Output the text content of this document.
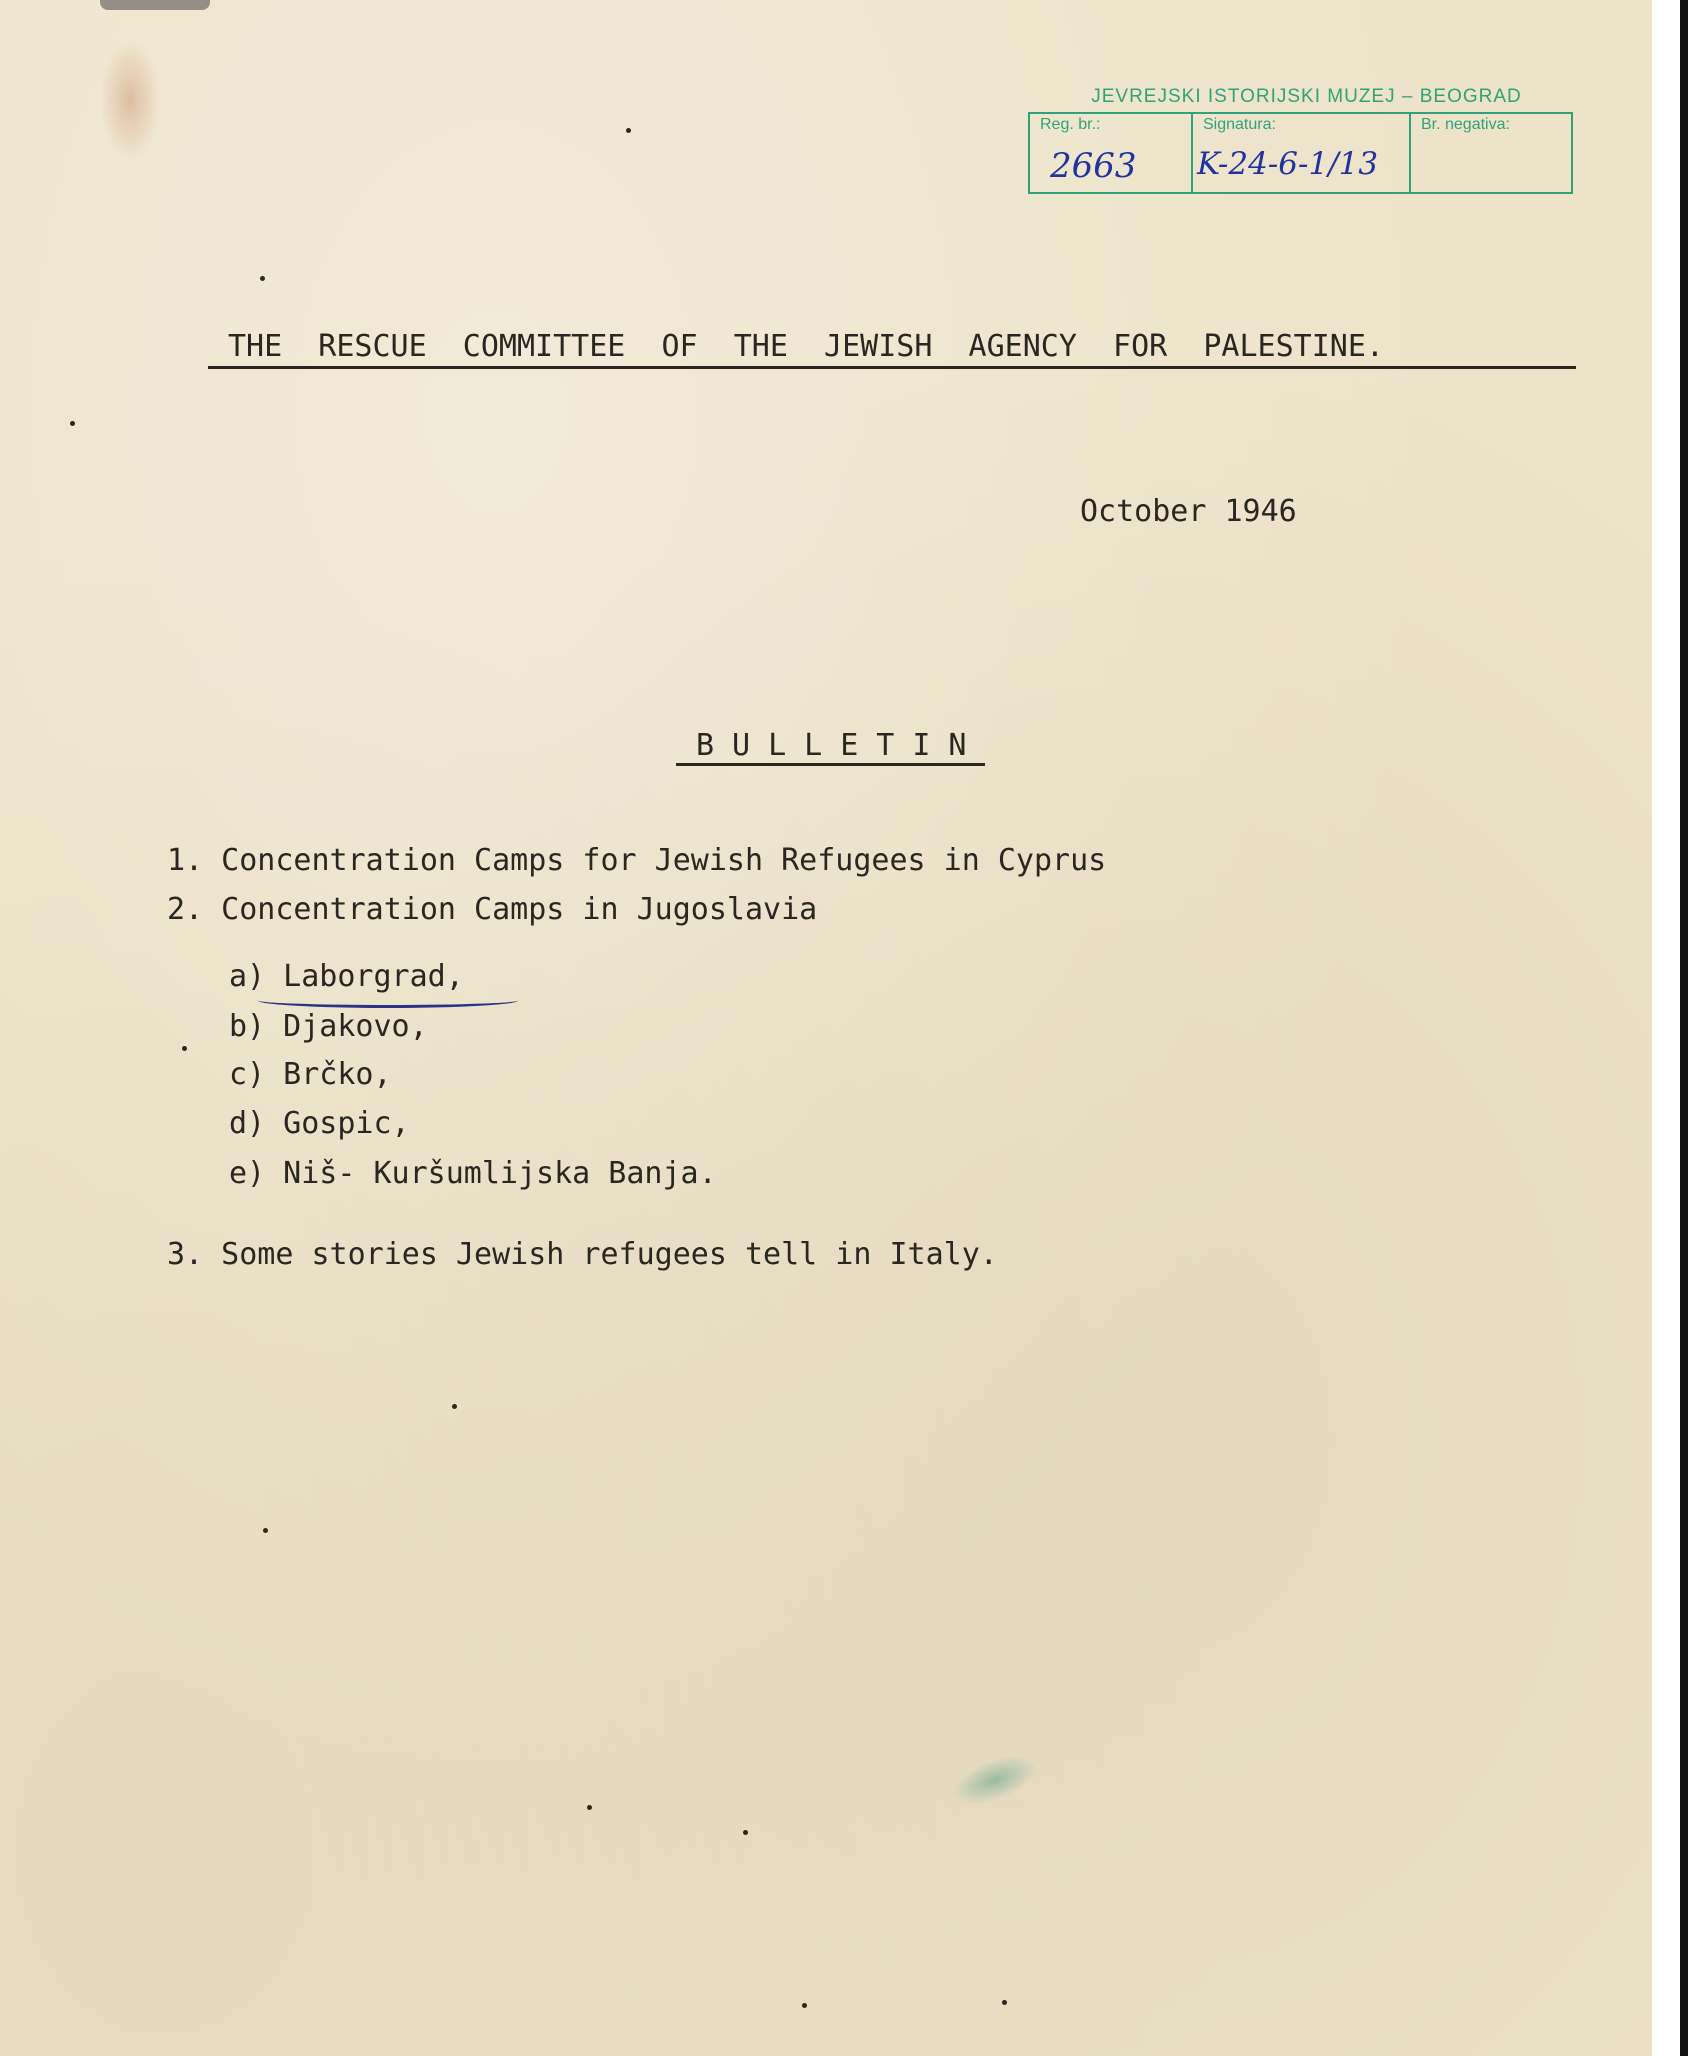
JEVREJSKI ISTORIJSKI MUZEJ – BEOGRAD
Reg. br.:
2663
Signatura:
K-24-6-1/13
Br. negativa:
THE  RESCUE  COMMITTEE  OF  THE  JEWISH  AGENCY  FOR  PALESTINE.
October 1946
BULLETIN
1. Concentration Camps for Jewish Refugees in Cyprus
2. Concentration Camps in Jugoslavia
a) Laborgrad,
b) Djakovo,
c) Brčko,
d) Gospic,
e) Niš- Kuršumlijska Banja.
3. Some stories Jewish refugees tell in Italy.
